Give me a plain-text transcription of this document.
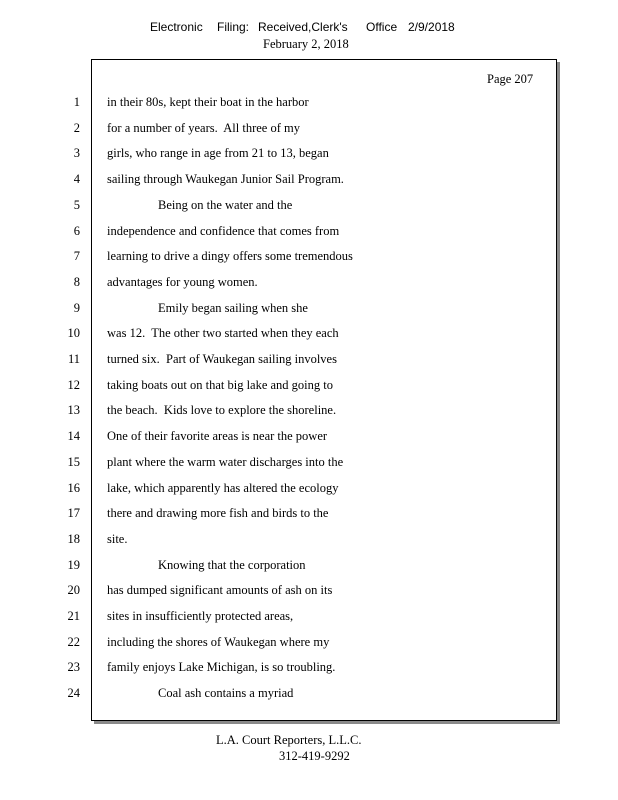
Electronic

Filing:

Received,Clerk's

Office

2/9/2018

February 2, 2018
Page 207
1 in their 80s, kept their boat in the harbor
2 for a number of years.  All three of my
3 girls, who range in age from 21 to 13, began
4 sailing through Waukegan Junior Sail Program.
5	Being on the water and the
6 independence and confidence that comes from
7 learning to drive a dingy offers some tremendous
8 advantages for young women.
9	Emily began sailing when she
10 was 12.  The other two started when they each
11 turned six.  Part of Waukegan sailing involves
12 taking boats out on that big lake and going to
13 the beach.  Kids love to explore the shoreline.
14 One of their favorite areas is near the power
15 plant where the warm water discharges into the
16 lake, which apparently has altered the ecology
17 there and drawing more fish and birds to the
18 site.
19	Knowing that the corporation
20 has dumped significant amounts of ash on its
21 sites in insufficiently protected areas,
22 including the shores of Waukegan where my
23 family enjoys Lake Michigan, is so troubling.
24	Coal ash contains a myriad
L.A. Court Reporters, L.L.C.
312-419-9292
